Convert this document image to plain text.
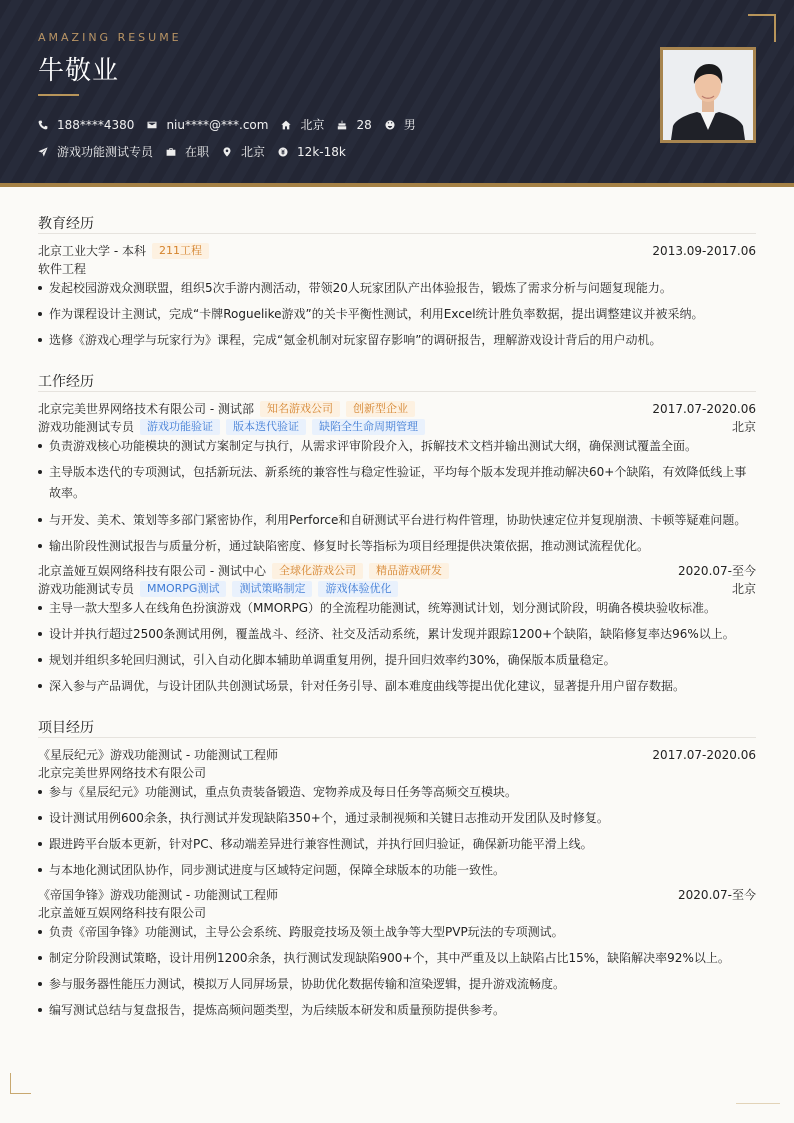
AMAZING RESUME
牛敬业
188****4380	niu****@***.com	北京	28	男
游戏功能测试专员	在职	北京	12k-18k
教育经历
北京工业大学 - 本科	211工程	2013.09-2017.06
软件工程
发起校园游戏众测联盟，组织5次手游内测活动，带领20人玩家团队产出体验报告，锻炼了需求分析与问题复现能力。
作为课程设计主测试，完成“卡牌Roguelike游戏”的关卡平衡性测试，利用Excel统计胜负率数据，提出调整建议并被采纳。
选修《游戏心理学与玩家行为》课程，完成“氪金机制对玩家留存影响”的调研报告，理解游戏设计背后的用户动机。
工作经历
北京完美世界网络技术有限公司 - 测试部	知名游戏公司	创新型企业	2017.07-2020.06
游戏功能测试专员	游戏功能验证	版本迭代验证	缺陷全生命周期管理	北京
负责游戏核心功能模块的测试方案制定与执行，从需求评审阶段介入，拆解技术文档并输出测试大纲，确保测试覆盖全面。
主导版本迭代的专项测试，包括新玩法、新系统的兼容性与稳定性验证，平均每个版本发现并推动解决60+个缺陷，有效降低线上事故率。
与开发、美术、策划等多部门紧密协作，利用Perforce和自研测试平台进行构件管理，协助快速定位并复现崩溃、卡顿等疑难问题。
输出阶段性测试报告与质量分析，通过缺陷密度、修复时长等指标为项目经理提供决策依据，推动测试流程优化。
北京盖娅互娱网络科技有限公司 - 测试中心	全球化游戏公司	精品游戏研发	2020.07-至今
游戏功能测试专员	MMORPG测试	测试策略制定	游戏体验优化	北京
主导一款大型多人在线角色扮演游戏（MMORPG）的全流程功能测试，统筹测试计划，划分测试阶段，明确各模块验收标准。
设计并执行超过2500条测试用例，覆盖战斗、经济、社交及活动系统，累计发现并跟踪1200+个缺陷，缺陷修复率达96%以上。
规划并组织多轮回归测试，引入自动化脚本辅助单调重复用例，提升回归效率约30%，确保版本质量稳定。
深入参与产品调优，与设计团队共创测试场景，针对任务引导、副本难度曲线等提出优化建议，显著提升用户留存数据。
项目经历
《星辰纪元》游戏功能测试 - 功能测试工程师	2017.07-2020.06
北京完美世界网络技术有限公司
参与《星辰纪元》功能测试，重点负责装备锻造、宠物养成及每日任务等高频交互模块。
设计测试用例600余条，执行测试并发现缺陷350+个，通过录制视频和关键日志推动开发团队及时修复。
跟进跨平台版本更新，针对PC、移动端差异进行兼容性测试，并执行回归验证，确保新功能平滑上线。
与本地化测试团队协作，同步测试进度与区域特定问题，保障全球版本的功能一致性。
《帝国争锋》游戏功能测试 - 功能测试工程师	2020.07-至今
北京盖娅互娱网络科技有限公司
负责《帝国争锋》功能测试，主导公会系统、跨服竞技场及领土战争等大型PVP玩法的专项测试。
制定分阶段测试策略，设计用例1200余条，执行测试发现缺陷900+个，其中严重及以上缺陷占比15%，缺陷解决率92%以上。
参与服务器性能压力测试，模拟万人同屏场景，协助优化数据传输和渲染逻辑，提升游戏流畅度。
编写测试总结与复盘报告，提炼高频问题类型，为后续版本研发和质量预防提供参考。
